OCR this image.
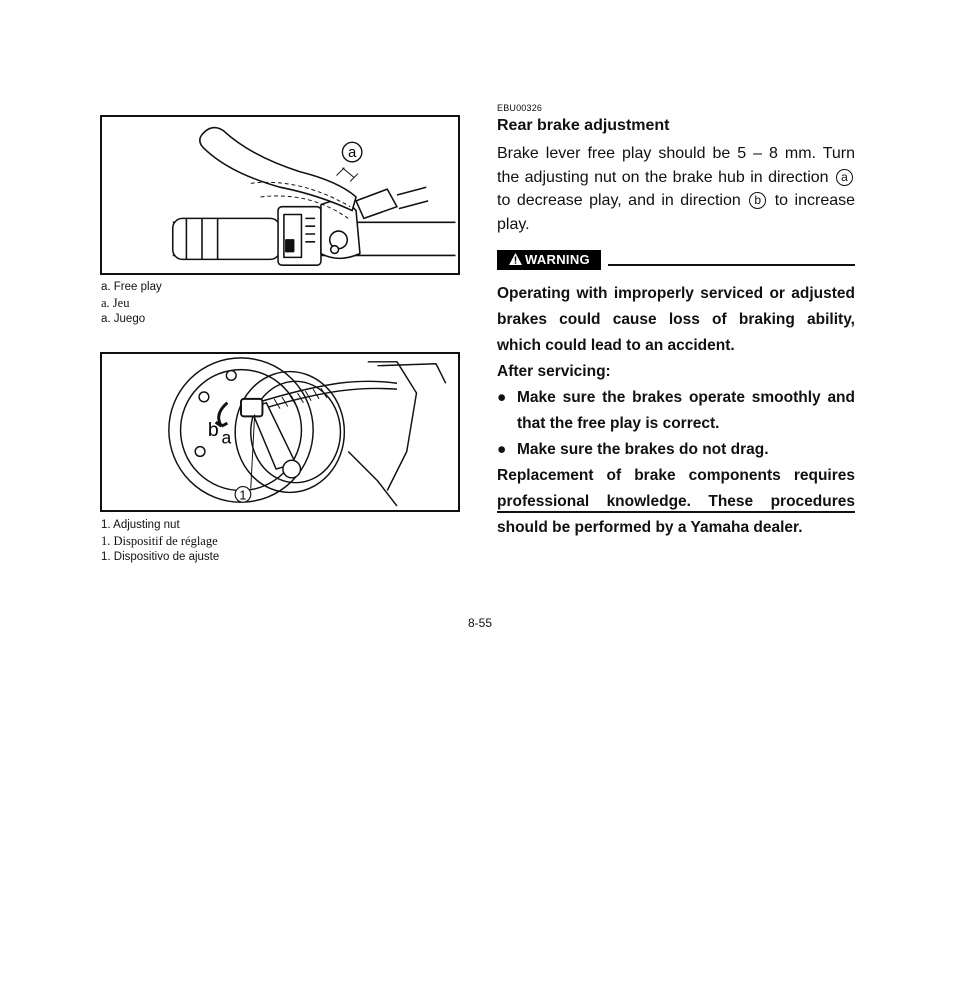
a
a. Free play
a. Jeu
a. Juego
b a
1
1. Adjusting nut
1. Dispositif de réglage
1. Dispositivo de ajuste
EBU00326
Rear brake adjustment
Brake lever free play should be 5 – 8 mm. Turn the adjusting nut on the brake hub in direction a to decrease play, and in direction b to increase play.
WARNING

Operating with improperly serviced or adjusted brakes could cause loss of braking ability, which could lead to an accident.

After servicing:

● Make sure the brakes operate smoothly and that the free play is correct.
● Make sure the brakes do not drag.

Replacement of brake components requires professional knowledge. These procedures should be performed by a Yamaha dealer.

8-55
